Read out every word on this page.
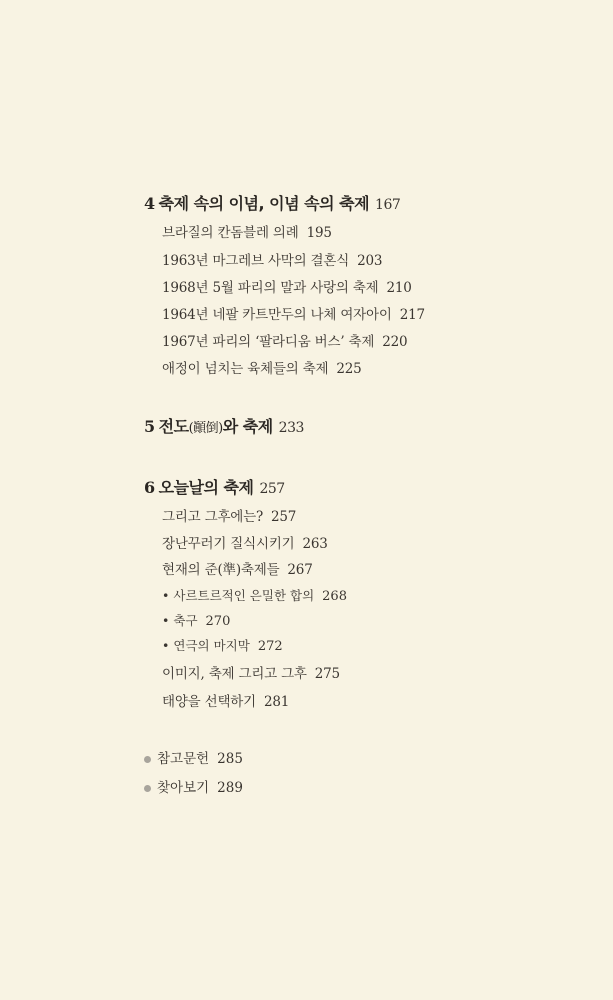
4 축제 속의 이념, 이념 속의 축제 167
브라질의 칸돔블레 의례 195
1963년 마그레브 사막의 결혼식 203
1968년 5월 파리의 말과 사랑의 축제 210
1964년 네팔 카트만두의 나체 여자아이 217
1967년 파리의 ‘팔라디움 버스’ 축제 220
애정이 넘치는 육체들의 축제 225
5 전도(顚倒)와 축제 233
6 오늘날의 축제 257
그리고 그후에는? 257
장난꾸러기 질식시키기 263
현재의 준(準)축제들 267
• 사르트르적인 은밀한 합의 268
• 축구 270
• 연극의 마지막 272
이미지, 축제 그리고 그후 275
태양을 선택하기 281
참고문헌 285
찾아보기 289
